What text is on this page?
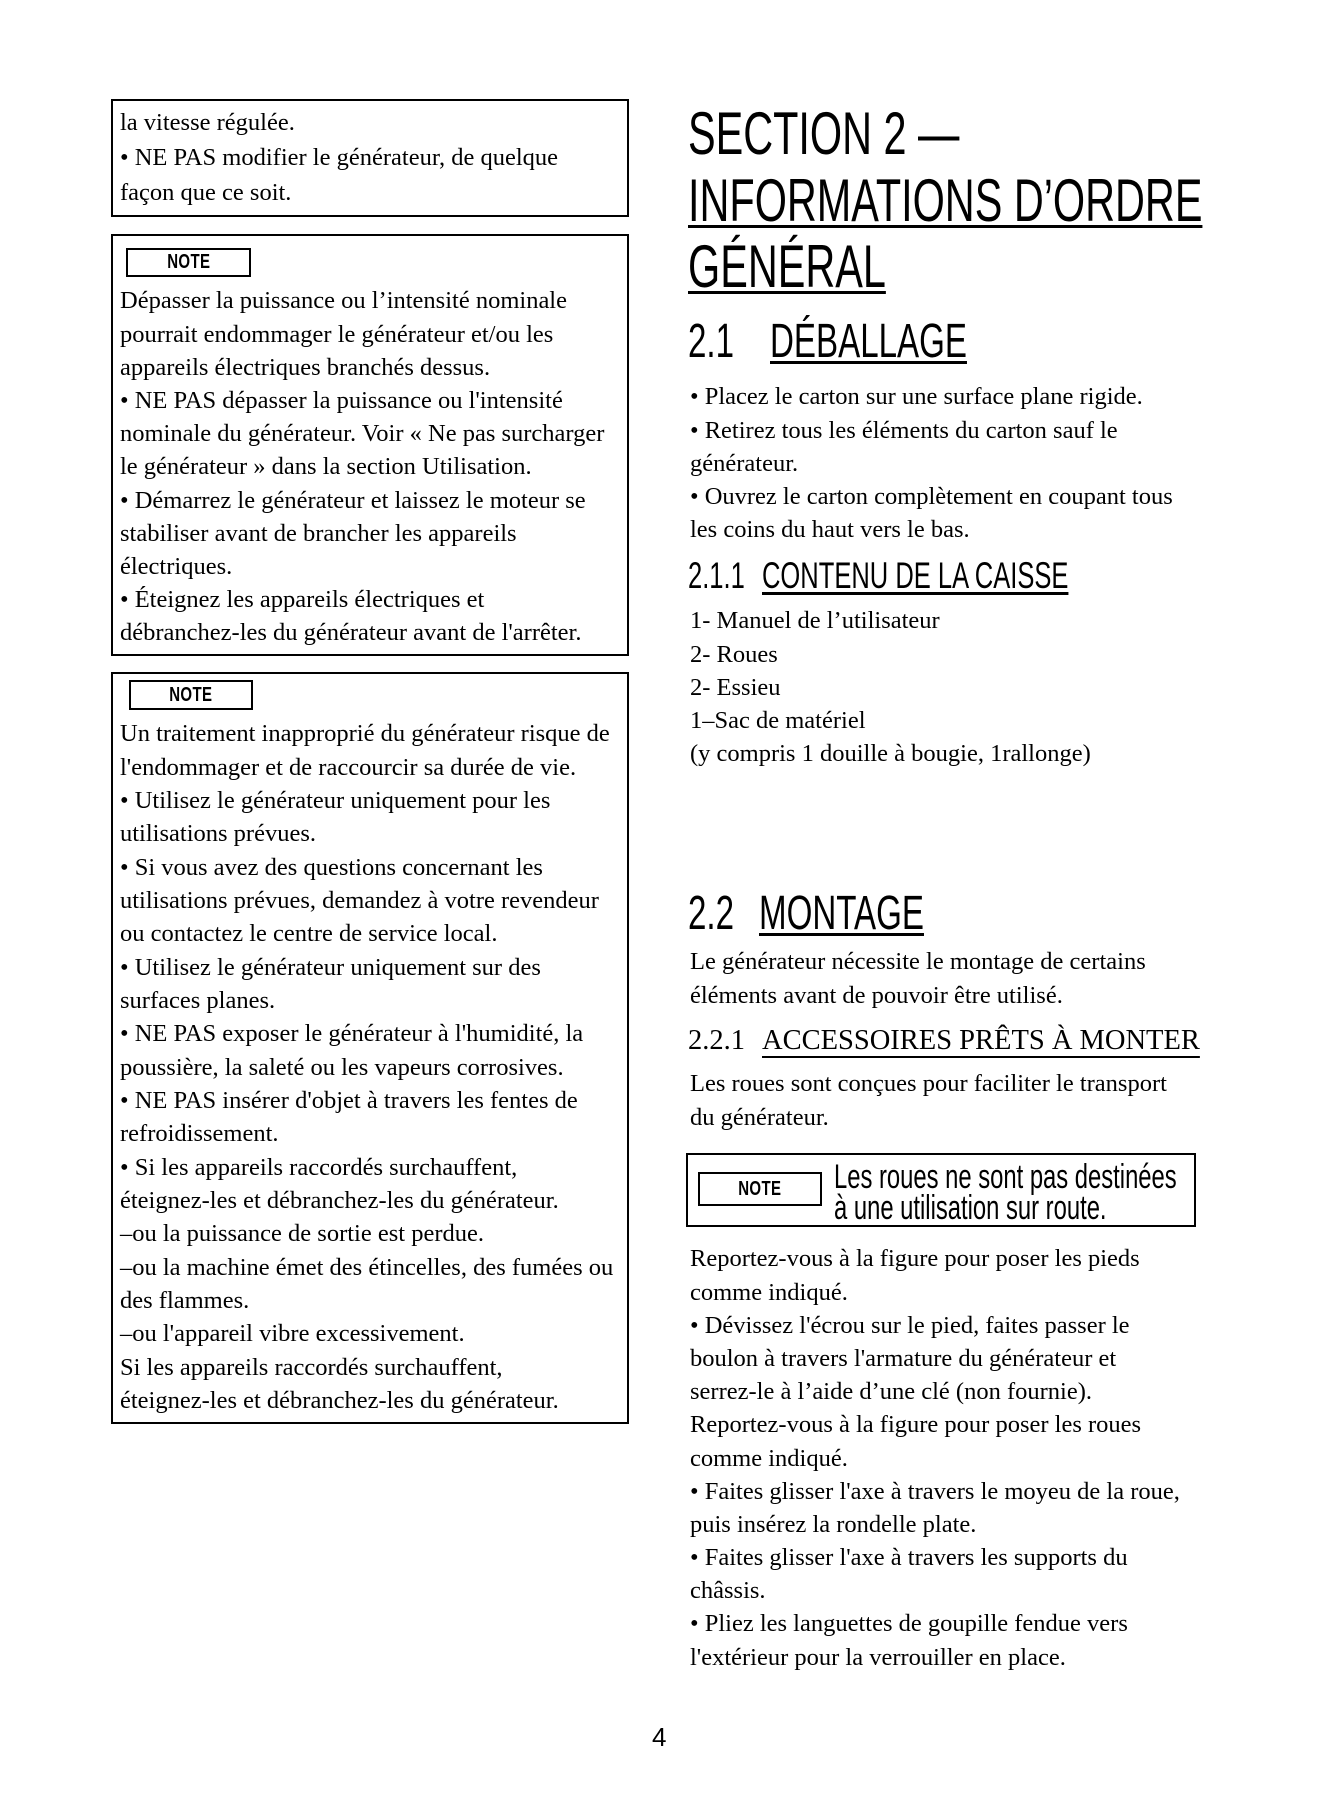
la vitesse régulée.
• NE PAS modifier le générateur, de quelque
façon que ce soit.
NOTE
Dépasser la puissance ou l’intensité nominale
pourrait endommager le générateur et/ou les
appareils électriques branchés dessus.
• NE PAS dépasser la puissance ou l'intensité
nominale du générateur. Voir « Ne pas surcharger
le générateur » dans la section Utilisation.
• Démarrez le générateur et laissez le moteur se
stabiliser avant de brancher les appareils
électriques.
• Éteignez les appareils électriques et
débranchez-les du générateur avant de l'arrêter.
NOTE
Un traitement inapproprié du générateur risque de
l'endommager et de raccourcir sa durée de vie.
• Utilisez le générateur uniquement pour les
utilisations prévues.
• Si vous avez des questions concernant les
utilisations prévues, demandez à votre revendeur
ou contactez le centre de service local.
• Utilisez le générateur uniquement sur des
surfaces planes.
• NE PAS exposer le générateur à l'humidité, la
poussière, la saleté ou les vapeurs corrosives.
• NE PAS insérer d'objet à travers les fentes de
refroidissement.
• Si les appareils raccordés surchauffent,
éteignez-les et débranchez-les du générateur.
–ou la puissance de sortie est perdue.
–ou la machine émet des étincelles, des fumées ou
des flammes.
–ou l'appareil vibre excessivement.
Si les appareils raccordés surchauffent,
éteignez-les et débranchez-les du générateur.
SECTION 2 —
INFORMATIONS D’ORDRE
GÉNÉRAL
2.1 DÉBALLAGE
• Placez le carton sur une surface plane rigide.
• Retirez tous les éléments du carton sauf le
générateur.
• Ouvrez le carton complètement en coupant tous
les coins du haut vers le bas.
2.1.1 CONTENU DE LA CAISSE
1- Manuel de l’utilisateur
2- Roues
2- Essieu
1–Sac de matériel
(y compris 1 douille à bougie, 1rallonge)
2.2 MONTAGE
Le générateur nécessite le montage de certains
éléments avant de pouvoir être utilisé.
2.2.1 ACCESSOIRES PRÊTS À MONTER
Les roues sont conçues pour faciliter le transport
du générateur.
NOTE Les roues ne sont pas destinées
à une utilisation sur route.
Reportez-vous à la figure pour poser les pieds
comme indiqué.
• Dévissez l'écrou sur le pied, faites passer le
boulon à travers l'armature du générateur et
serrez-le à l’aide d’une clé (non fournie).
Reportez-vous à la figure pour poser les roues
comme indiqué.
• Faites glisser l'axe à travers le moyeu de la roue,
puis insérez la rondelle plate.
• Faites glisser l'axe à travers les supports du
châssis.
• Pliez les languettes de goupille fendue vers
l'extérieur pour la verrouiller en place.
4
